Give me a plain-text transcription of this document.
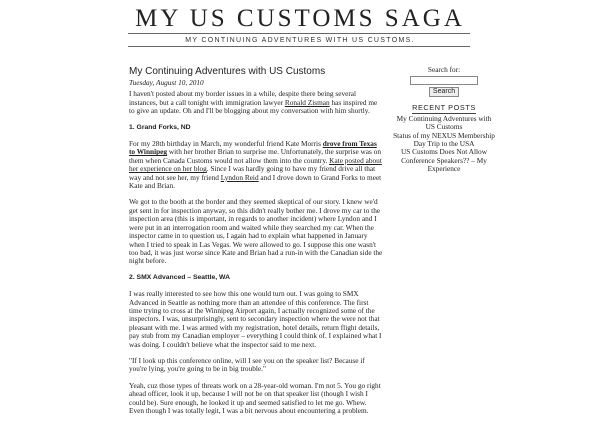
MY US CUSTOMS SAGA
MY CONTINUING ADVENTURES WITH US CUSTOMS.
My Continuing Adventures with US Customs
Tuesday, August 10, 2010

I haven't posted about my border issues in a while, despite there being several instances, but a call tonight with immigration lawyer Ronald Zisman has inspired me to give an update. Oh and I'll be blogging about my conversation with him shortly.

1. Grand Forks, ND

For my 28th birthday in March, my wonderful friend Kate Morris drove from Texas to Winnipeg with her brother Brian to surprise me. Unfortunately, the surprise was on them when Canada Customs would not allow them into the country. Kate posted about her experience on her blog. Since I was hardly going to have my friend drive all that way and not see her, my friend Lyndon Reid and I drove down to Grand Forks to meet Kate and Brian.

We got to the booth at the border and they seemed skeptical of our story. I knew we'd get sent in for inspection anyway, so this didn't really bother me. I drove my car to the inspection area (this is important, in regards to another incident) where Lyndon and I were put in an interrogation room and waited while they searched my car. When the inspector came in to question us, I again had to explain what happened in January when I tried to speak in Las Vegas. We were allowed to go. I suppose this one wasn't too bad, it was just worse since Kate and Brian had a run-in with the Canadian side the night before.

2. SMX Advanced – Seattle, WA

I was really interested to see how this one would turn out. I was going to SMX Advanced in Seattle as nothing more than an attendee of this conference. The first time trying to cross at the Winnipeg Airport again, I actually recognized some of the inspectors. I was, unsurprisingly, sent to secondary inspection where the were not that pleasant with me. I was armed with my registration, hotel details, return flight details, pay stub from my Canadian employer – everything I could think of. I explained what I was doing. I couldn't believe what the inspector said to me next.

"If I look up this conference online, will I see you on the speaker list? Because if you're lying, you're going to be in big trouble."

Yeah, cuz those types of threats work on a 28-year-old woman. I'm not 5. You go right ahead officer, look it up, because I will not be on that speaker list (though I wish I could be). Sure enough, he looked it up and seemed satisfied to let me go. Whew. Even though I was totally legit, I was a bit nervous about encountering a problem.

Search for:
Search
RECENT POSTS
My Continuing Adventures with US Customs
Status of my NEXUS Membership
Day Trip to the USA
US Customs Does Not Allow Conference Speakers?? – My Experience
